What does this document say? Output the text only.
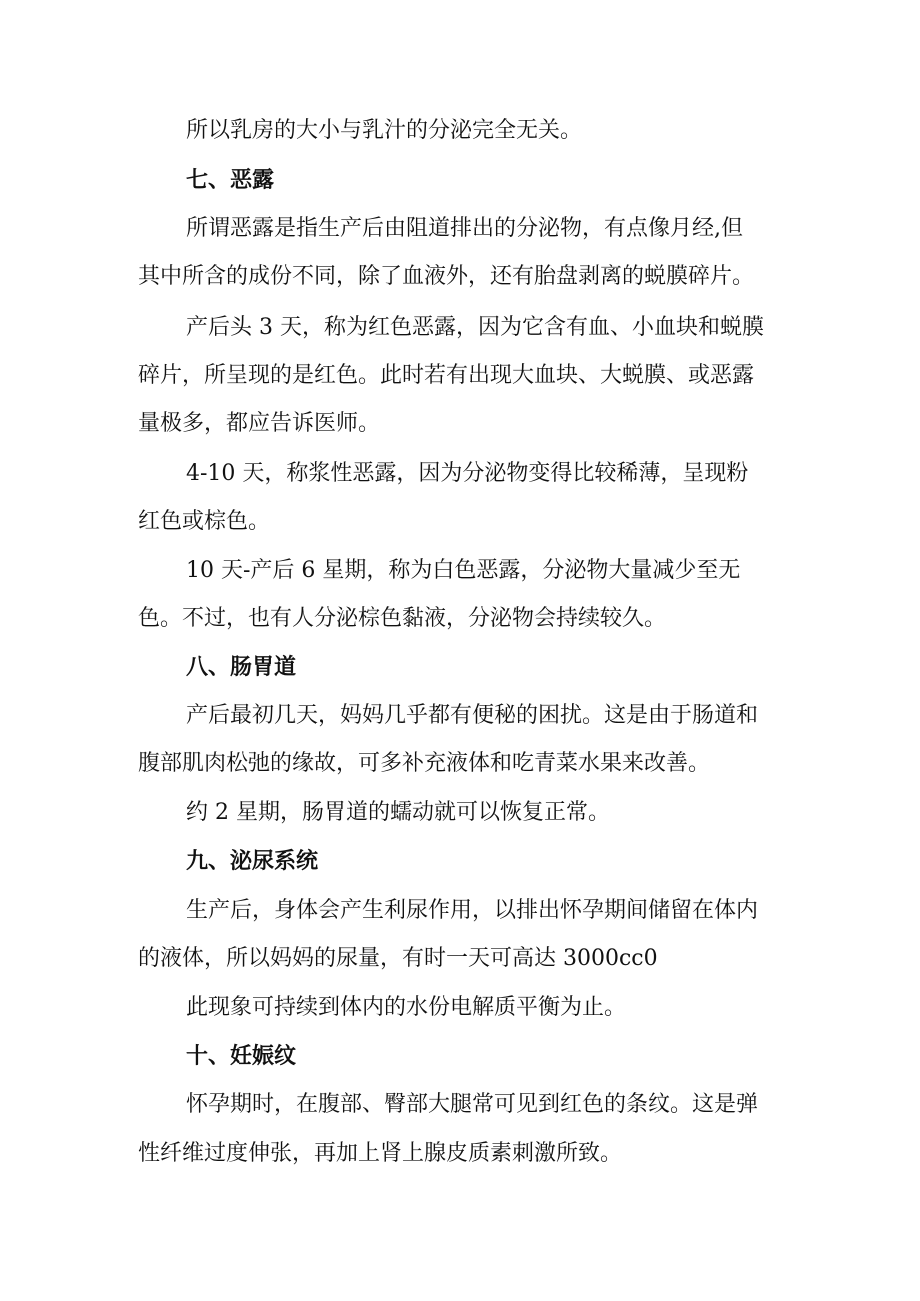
所以乳房的大小与乳汁的分泌完全无关。

七、恶露

所谓恶露是指生产后由阻道排出的分泌物，有点像月经,但

其中所含的成份不同，除了血液外，还有胎盘剥离的蜕膜碎片。

产后头 3 天，称为红色恶露，因为它含有血、小血块和蜕膜

碎片，所呈现的是红色。此时若有出现大血块、大蜕膜、或恶露

量极多，都应告诉医师。

4-10 天，称浆性恶露，因为分泌物变得比较稀薄，呈现粉

红色或棕色。

10 天-产后 6 星期，称为白色恶露，分泌物大量减少至无

色。不过，也有人分泌棕色黏液，分泌物会持续较久。

八、肠胃道

产后最初几天，妈妈几乎都有便秘的困扰。这是由于肠道和

腹部肌肉松弛的缘故，可多补充液体和吃青菜水果来改善。

约 2 星期，肠胃道的蠕动就可以恢复正常。

九、泌尿系统

生产后，身体会产生利尿作用，以排出怀孕期间储留在体内

的液体，所以妈妈的尿量，有时一天可高达 3000cc0

此现象可持续到体内的水份电解质平衡为止。

十、妊娠纹

怀孕期时，在腹部、臀部大腿常可见到红色的条纹。这是弹

性纤维过度伸张，再加上肾上腺皮质素刺激所致。
